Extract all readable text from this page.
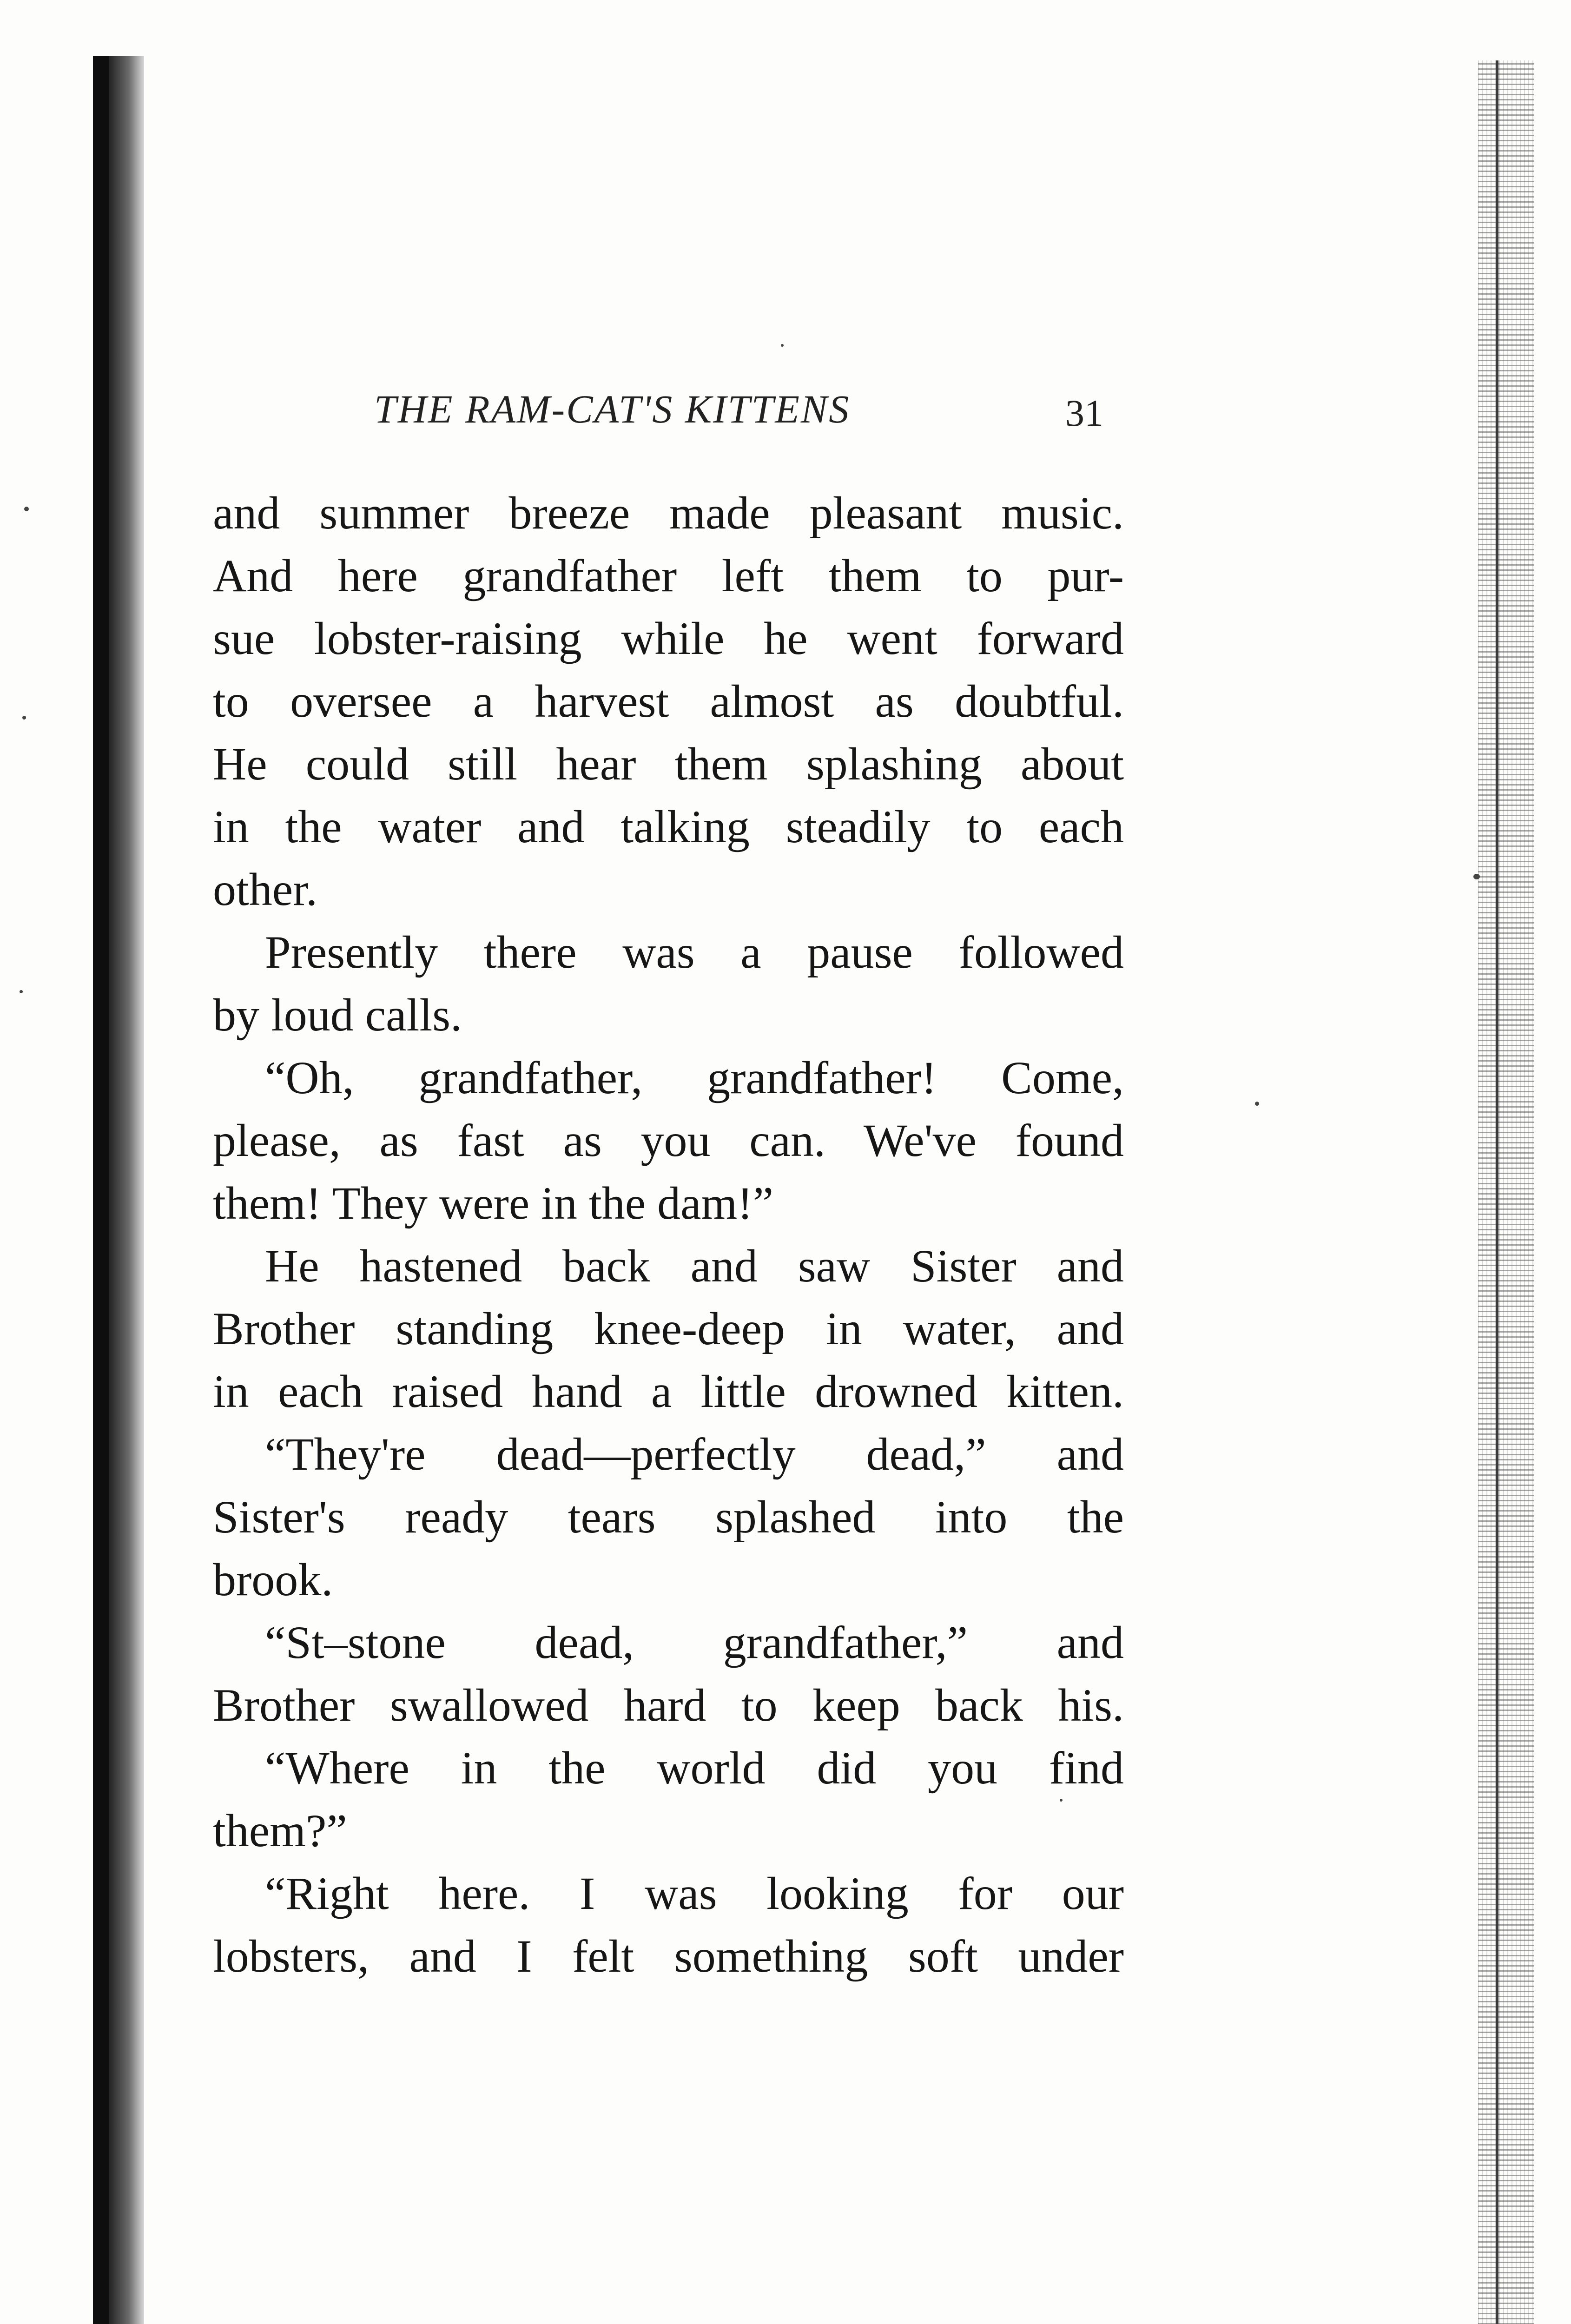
THE RAM-CAT'S KITTENS	31
and summer breeze made pleasant music.
And here grandfather left them to pur-
sue lobster-raising while he went forward
to oversee a harvest almost as doubtful.
He could still hear them splashing about
in the water and talking steadily to each
other.
Presently there was a pause followed
by loud calls.
“Oh, grandfather, grandfather! Come,
please, as fast as you can. We've found
them! They were in the dam!”
He hastened back and saw Sister and
Brother standing knee-deep in water, and
in each raised hand a little drowned kitten.
“They're dead—perfectly dead,” and
Sister's ready tears splashed into the
brook.
“St–stone dead, grandfather,” and
Brother swallowed hard to keep back his.
“Where in the world did you find
them?”
“Right here. I was looking for our
lobsters, and I felt something soft under
